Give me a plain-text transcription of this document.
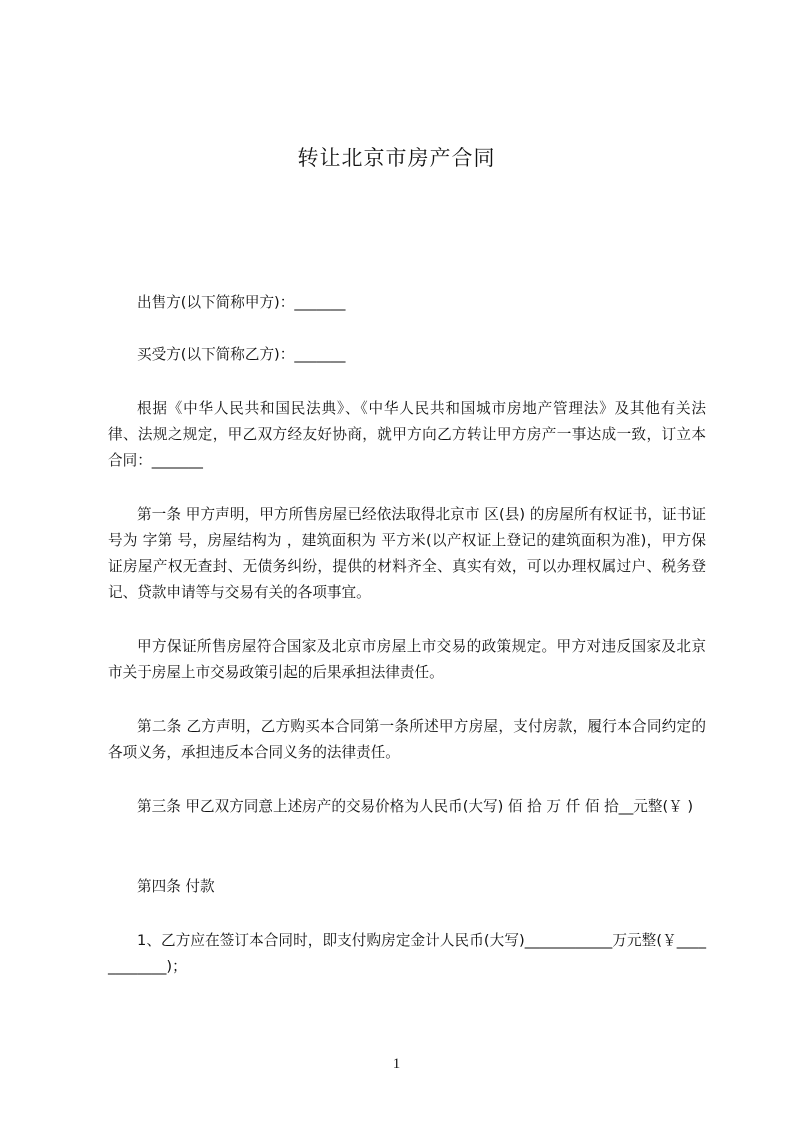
转让北京市房产合同

出售方(以下简称甲方)：_______

买受方(以下简称乙方)：_______

根据《中华人民共和国民法典》、《中华人民共和国城市房地产管理法》及其他有关法律、法规之规定，甲乙双方经友好协商，就甲方向乙方转让甲方房产一事达成一致，订立本合同：_______

第一条 甲方声明，甲方所售房屋已经依法取得北京市 区(县) 的房屋所有权证书，证书证号为 字第 号，房屋结构为 ，建筑面积为 平方米(以产权证上登记的建筑面积为准)，甲方保证房屋产权无查封、无债务纠纷，提供的材料齐全、真实有效，可以办理权属过户、税务登记、贷款申请等与交易有关的各项事宜。

甲方保证所售房屋符合国家及北京市房屋上市交易的政策规定。甲方对违反国家及北京市关于房屋上市交易政策引起的后果承担法律责任。

第二条 乙方声明，乙方购买本合同第一条所述甲方房屋，支付房款，履行本合同约定的各项义务，承担违反本合同义务的法律责任。

第三条 甲乙双方同意上述房产的交易价格为人民币(大写) 佰 拾 万 仟 佰 拾__元整(￥ )

第四条 付款

1、乙方应在签订本合同时，即支付购房定金计人民币(大写)____________万元整(￥____________)；

1
